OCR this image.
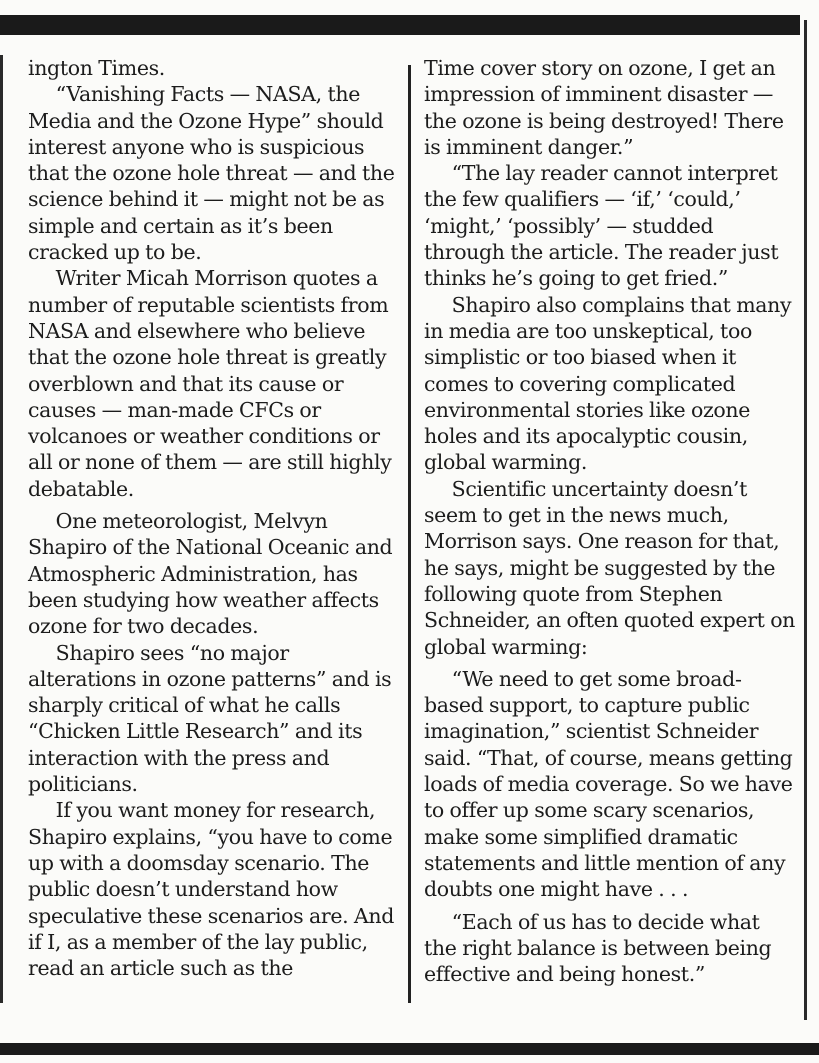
ington Times.

“Vanishing Facts — NASA, the Media and the Ozone Hype” should interest anyone who is suspicious that the ozone hole threat — and the science behind it — might not be as simple and certain as it’s been cracked up to be.

Writer Micah Morrison quotes a number of reputable scientists from NASA and elsewhere who believe that the ozone hole threat is greatly overblown and that its cause or causes — man-made CFCs or volcanoes or weather conditions or all or none of them — are still highly debatable.

One meteorologist, Melvyn Shapiro of the National Oceanic and Atmospheric Administration, has been studying how weather affects ozone for two decades.

Shapiro sees “no major alterations in ozone patterns” and is sharply critical of what he calls “Chicken Little Research” and its interaction with the press and politicians.

If you want money for research, Shapiro explains, “you have to come up with a doomsday scenario. The public doesn’t understand how speculative these scenarios are. And if I, as a member of the lay public, read an article such as the

Time cover story on ozone, I get an impression of imminent disaster — the ozone is being destroyed! There is imminent danger.”

“The lay reader cannot interpret the few qualifiers — ‘if,’ ‘could,’ ‘might,’ ‘possibly’ — studded through the article. The reader just thinks he’s going to get fried.”

Shapiro also complains that many in media are too unskeptical, too simplistic or too biased when it comes to covering complicated environmental stories like ozone holes and its apocalyptic cousin, global warming.

Scientific uncertainty doesn’t seem to get in the news much, Morrison says. One reason for that, he says, might be suggested by the following quote from Stephen Schneider, an often quoted expert on global warming:

“We need to get some broad-based support, to capture public imagination,” scientist Schneider said. “That, of course, means getting loads of media coverage. So we have to offer up some scary scenarios, make some simplified dramatic statements and little mention of any doubts one might have . . .

“Each of us has to decide what the right balance is between being effective and being honest.”
